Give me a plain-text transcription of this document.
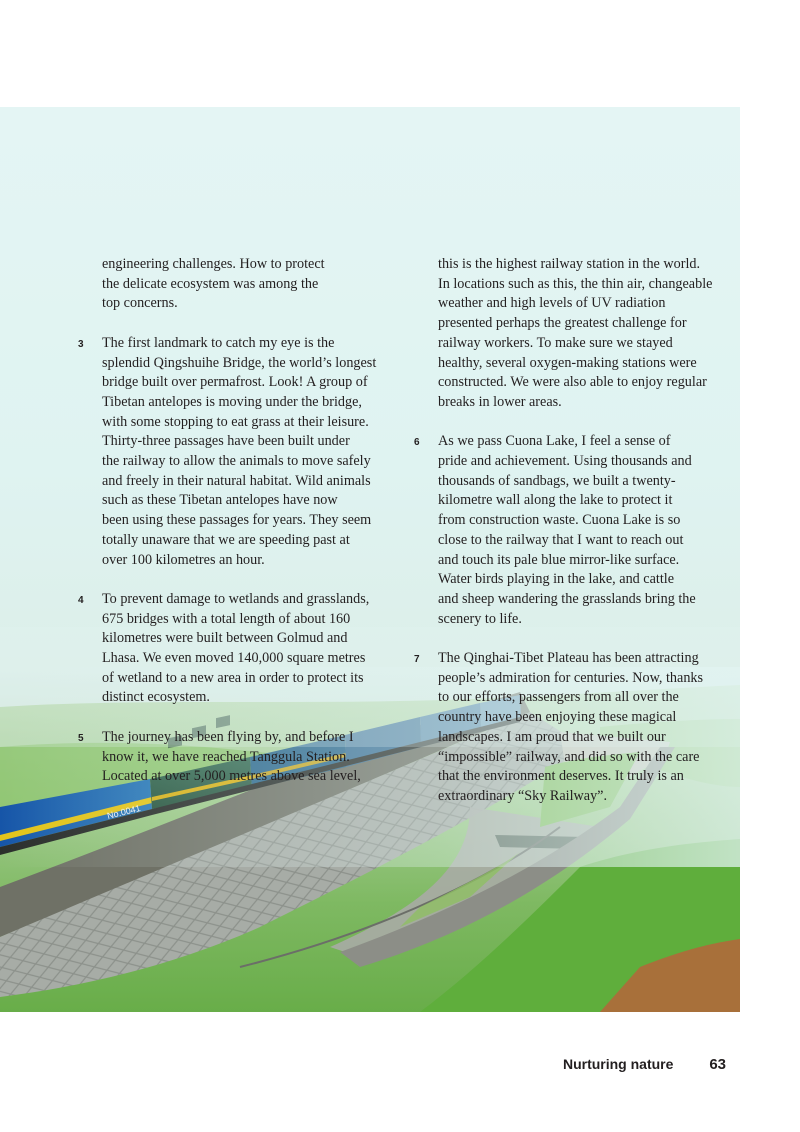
engineering challenges. How to protect
the delicate ecosystem was among the
top concerns.
3 The first landmark to catch my eye is the
splendid Qingshuihe Bridge, the world’s longest
bridge built over permafrost. Look! A group of
Tibetan antelopes is moving under the bridge,
with some stopping to eat grass at their leisure.
Thirty-three passages have been built under
the railway to allow the animals to move safely
and freely in their natural habitat. Wild animals
such as these Tibetan antelopes have now
been using these passages for years. They seem
totally unaware that we are speeding past at
over 100 kilometres an hour.
4 To prevent damage to wetlands and grasslands,
675 bridges with a total length of about 160
kilometres were built between Golmud and
Lhasa. We even moved 140,000 square metres
of wetland to a new area in order to protect its
distinct ecosystem.
5 The journey has been flying by, and before I
know it, we have reached Tanggula Station.
Located at over 5,000 metres above sea level,
this is the highest railway station in the world.
In locations such as this, the thin air, changeable
weather and high levels of UV radiation
presented perhaps the greatest challenge for
railway workers. To make sure we stayed
healthy, several oxygen-making stations were
constructed. We were also able to enjoy regular
breaks in lower areas.
6 As we pass Cuona Lake, I feel a sense of
pride and achievement. Using thousands and
thousands of sandbags, we built a twenty-
kilometre wall along the lake to protect it
from construction waste. Cuona Lake is so
close to the railway that I want to reach out
and touch its pale blue mirror-like surface.
Water birds playing in the lake, and cattle
and sheep wandering the grasslands bring the
scenery to life.
7 The Qinghai-Tibet Plateau has been attracting
people’s admiration for centuries. Now, thanks
to our efforts, passengers from all over the
country have been enjoying these magical
landscapes. I am proud that we built our
“impossible” railway, and did so with the care
that the environment deserves. It truly is an
extraordinary “Sky Railway”.
Nurturing nature 63
